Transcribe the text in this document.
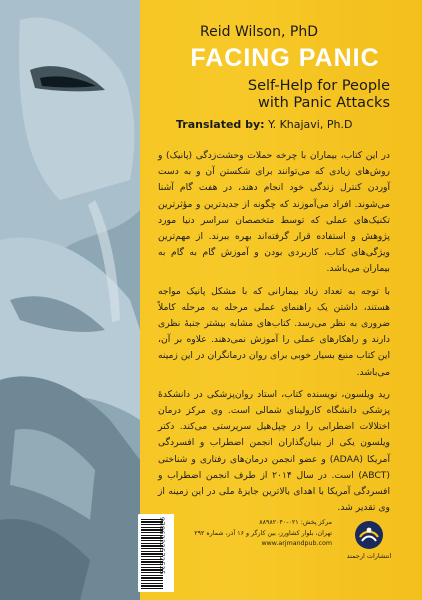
Reid Wilson, PhD

FACING PANIC
Self-Help for People
with Panic Attacks
Translated by: Y. Khajavi, Ph.D

در این کتاب، بیماران با چرخه حملات وحشت‌زدگی (پانیک) و روش‌های زیادی که می‌توانند برای شکستن آن و به دست آوردن کنترل زندگی خود انجام دهند، در هفت گام آشنا می‌شوند. افراد می‌آموزند که چگونه از جدیدترین و مؤثرترین تکنیک‌های عملی که توسط متخصصان سراسر دنیا مورد پژوهش و استفاده قرار گرفته‌اند بهره ببرند. از مهم‌ترین ویژگی‌های کتاب، کاربردی بودن و آموزش گام به گام به بیماران می‌باشد.

با توجه به تعداد زیاد بیمارانی که با مشکل پانیک مواجه هستند، داشتن یک راهنمای عملی مرحله به مرحله کاملاً ضروری به نظر می‌رسد. کتاب‌های مشابه بیشتر جنبهٔ نظری دارند و راهکارهای عملی را آموزش نمی‌دهند. علاوه بر آن، این کتاب منبع بسیار خوبی برای روان درمانگران در این زمینه می‌باشد.

رید ویلسون، نویسنده کتاب، استاد روان‌پزشکی در دانشکدهٔ پزشکی دانشگاه کارولینای شمالی است. وی مرکز درمان اختلالات اضطرابی را در چپل‌هیل سرپرستی می‌کند. دکتر ویلسون یکی از بنیان‌گذاران انجمن اضطراب و افسردگی آمریکا (ADAA) و عضو انجمن درمان‌های رفتاری و شناختی (ABCT) است. در سال ۲۰۱۴ از طرف انجمن اضطراب و افسردگی آمریکا با اهدای بالاترین جایزهٔ ملی در این زمینه از وی تقدیر شد.

9786222572525	مرکز پخش: ۰۲۱-۸۸۹۸۲۰۴۰
تهران، بلوار کشاورز، بین کارگر و ۱۶ آذر، شماره ۲۹۲
www.arjmandpub.com
انتشارات ارجمند
